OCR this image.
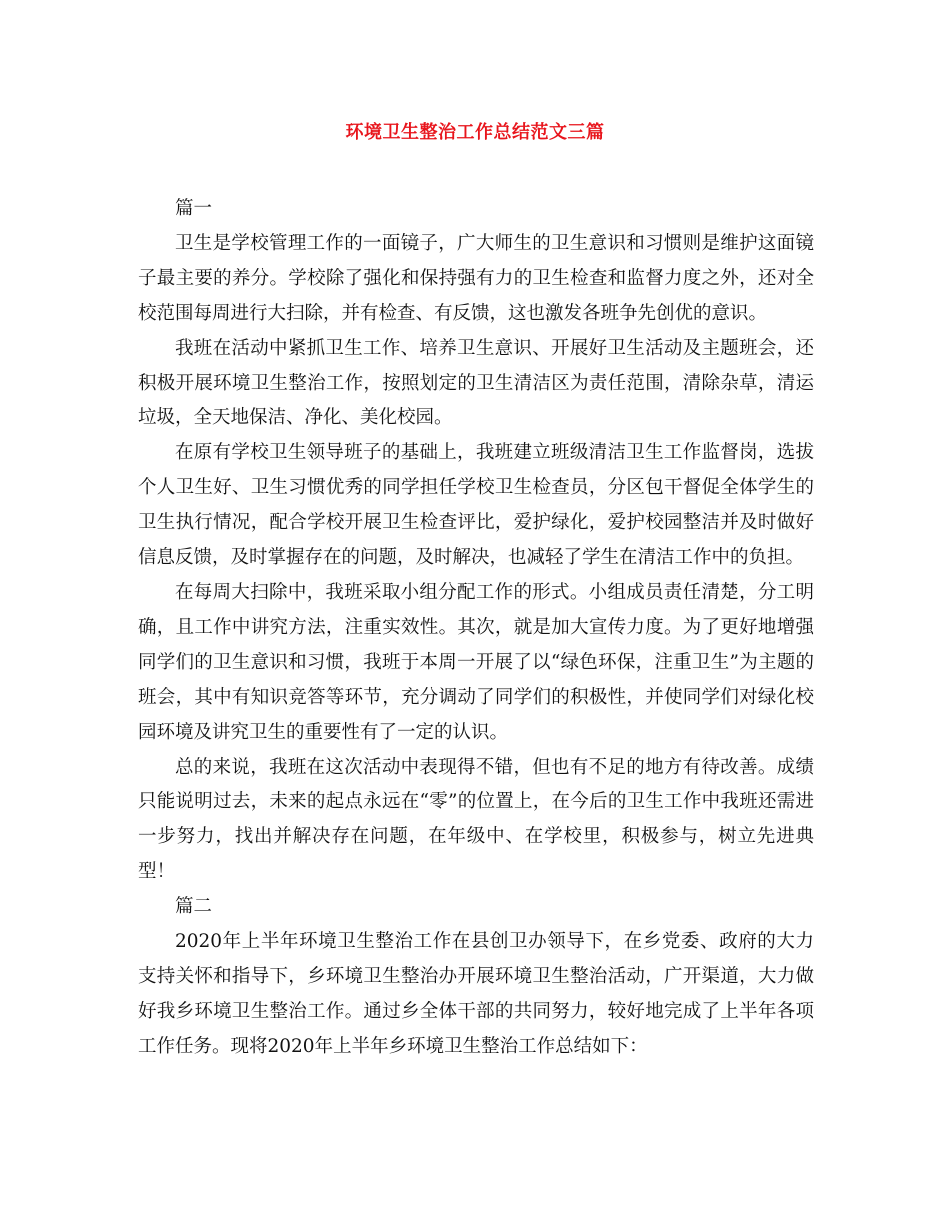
环境卫生整治工作总结范文三篇

篇一

卫生是学校管理工作的一面镜子，广大师生的卫生意识和习惯则是维护这面镜子最主要的养分。学校除了强化和保持强有力的卫生检查和监督力度之外，还对全校范围每周进行大扫除，并有检查、有反馈，这也激发各班争先创优的意识。

我班在活动中紧抓卫生工作、培养卫生意识、开展好卫生活动及主题班会，还积极开展环境卫生整治工作，按照划定的卫生清洁区为责任范围，清除杂草，清运垃圾，全天地保洁、净化、美化校园。

在原有学校卫生领导班子的基础上，我班建立班级清洁卫生工作监督岗，选拔个人卫生好、卫生习惯优秀的同学担任学校卫生检查员，分区包干督促全体学生的卫生执行情况，配合学校开展卫生检查评比，爱护绿化，爱护校园整洁并及时做好信息反馈，及时掌握存在的问题，及时解决，也减轻了学生在清洁工作中的负担。

在每周大扫除中，我班采取小组分配工作的形式。小组成员责任清楚，分工明确，且工作中讲究方法，注重实效性。其次，就是加大宣传力度。为了更好地增强同学们的卫生意识和习惯，我班于本周一开展了以“绿色环保，注重卫生”为主题的班会，其中有知识竞答等环节，充分调动了同学们的积极性，并使同学们对绿化校园环境及讲究卫生的重要性有了一定的认识。

总的来说，我班在这次活动中表现得不错，但也有不足的地方有待改善。成绩只能说明过去，未来的起点永远在“零”的位置上，在今后的卫生工作中我班还需进一步努力，找出并解决存在问题，在年级中、在学校里，积极参与，树立先进典型！

篇二

2020年上半年环境卫生整治工作在县创卫办领导下，在乡党委、政府的大力支持关怀和指导下，乡环境卫生整治办开展环境卫生整治活动，广开渠道，大力做好我乡环境卫生整治工作。通过乡全体干部的共同努力，较好地完成了上半年各项工作任务。现将2020年上半年乡环境卫生整治工作总结如下：
